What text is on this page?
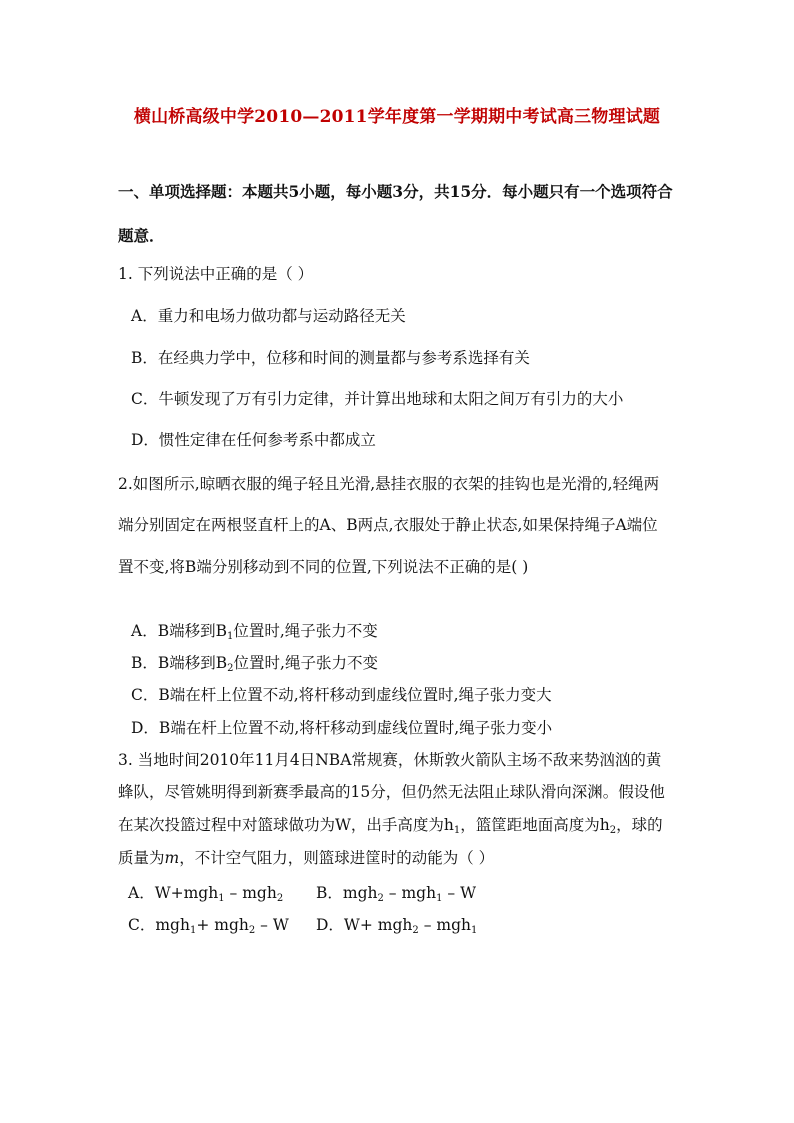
横山桥高级中学2010—2011学年度第一学期期中考试高三物理试题
一、单项选择题：本题共5小题，每小题3分，共15分．每小题只有一个选项符合
题意．
1. 下列说法中正确的是（ ）
A．重力和电场力做功都与运动路径无关
B．在经典力学中，位移和时间的测量都与参考系选择有关
C．牛顿发现了万有引力定律，并计算出地球和太阳之间万有引力的大小
D．惯性定律在任何参考系中都成立
2.如图所示,晾晒衣服的绳子轻且光滑,悬挂衣服的衣架的挂钩也是光滑的,轻绳两
端分别固定在两根竖直杆上的A、B两点,衣服处于静止状态,如果保持绳子A端位
置不变,将B端分别移动到不同的位置,下列说法不正确的是( )
A．B端移到B1位置时,绳子张力不变
B．B端移到B2位置时,绳子张力不变
C．B端在杆上位置不动,将杆移动到虚线位置时,绳子张力变大
D．B端在杆上位置不动,将杆移动到虚线位置时,绳子张力变小
3. 当地时间2010年11月4日NBA常规赛，休斯敦火箭队主场不敌来势汹汹的黄
蜂队，尽管姚明得到新赛季最高的15分，但仍然无法阻止球队滑向深渊。假设他
在某次投篮过程中对篮球做功为W，出手高度为h1，篮筐距地面高度为h2，球的
质量为m，不计空气阻力，则篮球进筐时的动能为（ ）
A．W+mgh1 – mgh2 B．mgh2 – mgh1 – W
C．mgh1+ mgh2 – W D．W+ mgh2 – mgh1
